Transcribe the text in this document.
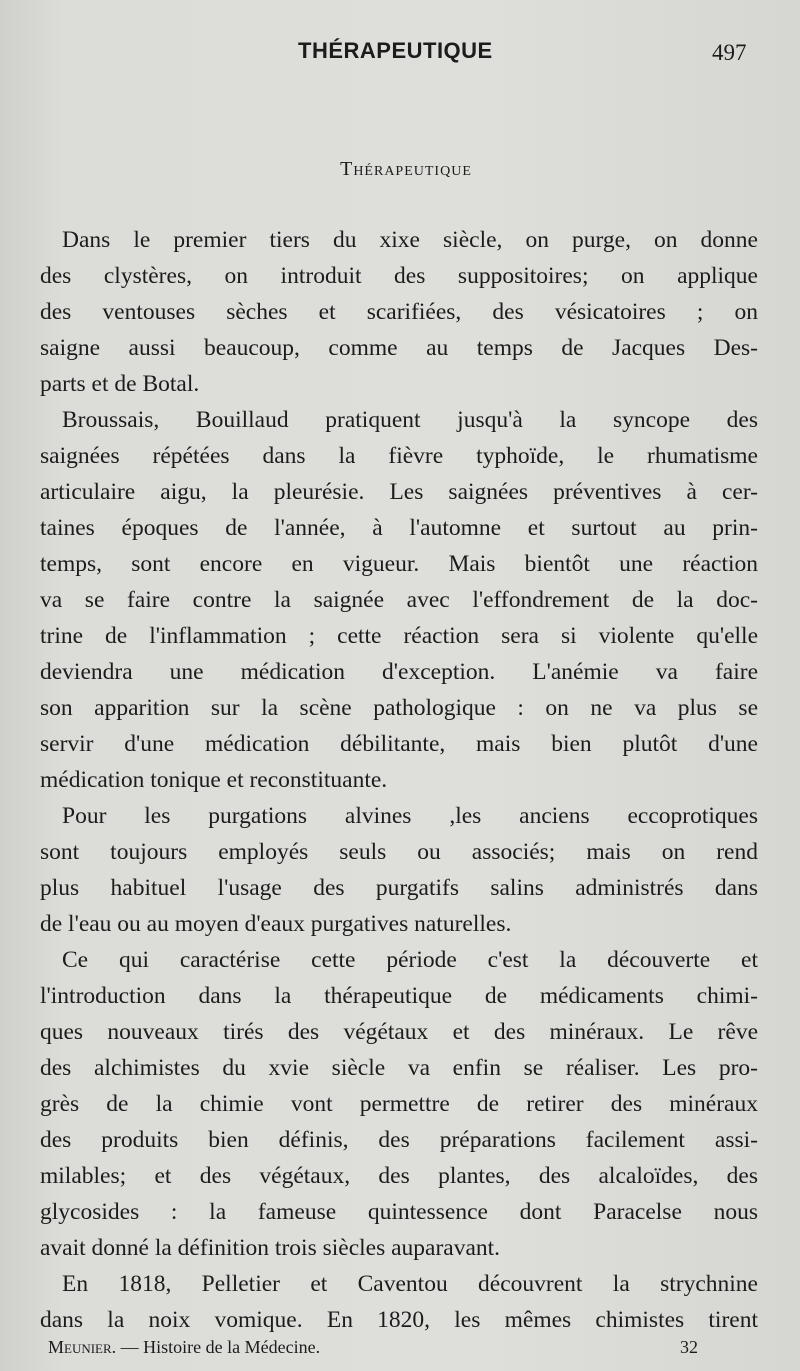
THÉRAPEUTIQUE	497
Thérapeutique
Dans le premier tiers du xixe siècle, on purge, on donne
des clystères, on introduit des suppositoires; on applique
des ventouses sèches et scarifiées, des vésicatoires ; on
saigne aussi beaucoup, comme au temps de Jacques Des-
parts et de Botal.
Broussais, Bouillaud pratiquent jusqu'à la syncope des
saignées répétées dans la fièvre typhoïde, le rhumatisme
articulaire aigu, la pleurésie. Les saignées préventives à cer-
taines époques de l'année, à l'automne et surtout au prin-
temps, sont encore en vigueur. Mais bientôt une réaction
va se faire contre la saignée avec l'effondrement de la doc-
trine de l'inflammation ; cette réaction sera si violente qu'elle
deviendra une médication d'exception. L'anémie va faire
son apparition sur la scène pathologique : on ne va plus se
servir d'une médication débilitante, mais bien plutôt d'une
médication tonique et reconstituante.
Pour les purgations alvines ,les anciens eccoprotiques
sont toujours employés seuls ou associés; mais on rend
plus habituel l'usage des purgatifs salins administrés dans
de l'eau ou au moyen d'eaux purgatives naturelles.
Ce qui caractérise cette période c'est la découverte et
l'introduction dans la thérapeutique de médicaments chimi-
ques nouveaux tirés des végétaux et des minéraux. Le rêve
des alchimistes du xvie siècle va enfin se réaliser. Les pro-
grès de la chimie vont permettre de retirer des minéraux
des produits bien définis, des préparations facilement assi-
milables; et des végétaux, des plantes, des alcaloïdes, des
glycosides : la fameuse quintessence dont Paracelse nous
avait donné la définition trois siècles auparavant.
En 1818, Pelletier et Caventou découvrent la strychnine
dans la noix vomique. En 1820, les mêmes chimistes tirent
Meunier. — Histoire de la Médecine.	32
